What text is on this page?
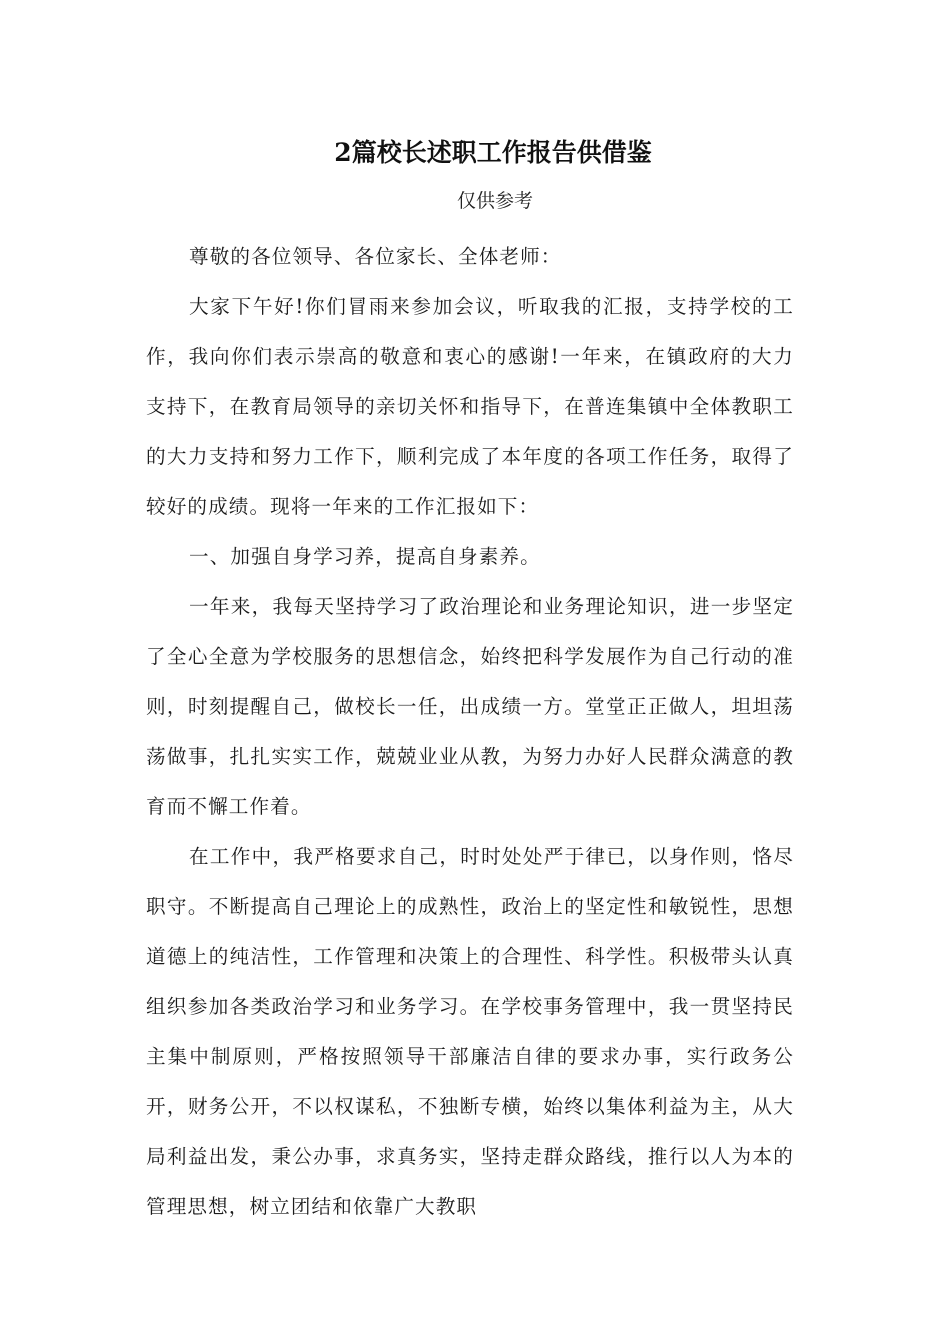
2篇校长述职工作报告供借鉴
仅供参考

尊敬的各位领导、各位家长、全体老师：

大家下午好!你们冒雨来参加会议，听取我的汇报，支持学校的工作，我向你们表示崇高的敬意和衷心的感谢!一年来，在镇政府的大力支持下，在教育局领导的亲切关怀和指导下，在普连集镇中全体教职工的大力支持和努力工作下，顺利完成了本年度的各项工作任务，取得了较好的成绩。现将一年来的工作汇报如下：

一、加强自身学习养，提高自身素养。

一年来，我每天坚持学习了政治理论和业务理论知识，进一步坚定了全心全意为学校服务的思想信念，始终把科学发展作为自己行动的准则，时刻提醒自己，做校长一任，出成绩一方。堂堂正正做人，坦坦荡荡做事，扎扎实实工作，兢兢业业从教，为努力办好人民群众满意的教育而不懈工作着。

在工作中，我严格要求自己，时时处处严于律已，以身作则，恪尽职守。不断提高自己理论上的成熟性，政治上的坚定性和敏锐性，思想道德上的纯洁性，工作管理和决策上的合理性、科学性。积极带头认真组织参加各类政治学习和业务学习。在学校事务管理中，我一贯坚持民主集中制原则，严格按照领导干部廉洁自律的要求办事，实行政务公开，财务公开，不以权谋私，不独断专横，始终以集体利益为主，从大局利益出发，秉公办事，求真务实，坚持走群众路线，推行以人为本的管理思想，树立团结和依靠广大教职
